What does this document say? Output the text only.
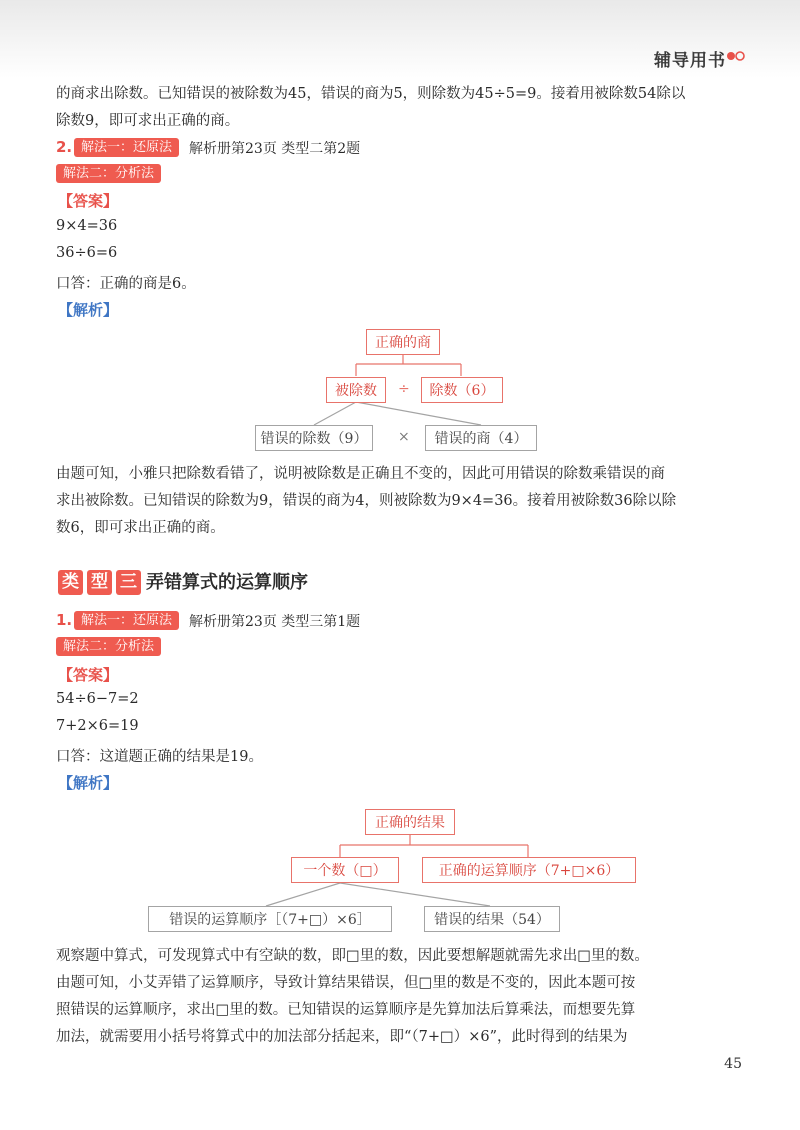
辅导用书
的商求出除数。已知错误的被除数为45，错误的商为5，则除数为45÷5=9。接着用被除数54除以
除数9，即可求出正确的商。
2. 解法一：还原法	解析册第23页 类型二第2题
解法二：分析法
【答案】
9×4=36
36÷6=6
口答：正确的商是6。
【解析】
正确的商
被除数	÷	除数（6）
错误的除数（9）	×	错误的商（4）
由题可知，小雅只把除数看错了，说明被除数是正确且不变的，因此可用错误的除数乘错误的商
求出被除数。已知错误的除数为9，错误的商为4，则被除数为9×4=36。接着用被除数36除以除
数6，即可求出正确的商。
类 型 三 弄错算式的运算顺序
1. 解法一：还原法	解析册第23页 类型三第1题
解法二：分析法
【答案】
54÷6−7=2
7+2×6=19
口答：这道题正确的结果是19。
【解析】
正确的结果
一个数（□）	正确的运算顺序（7+□×6）
错误的运算顺序［（7+□）×6］	错误的结果（54）
观察题中算式，可发现算式中有空缺的数，即□里的数，因此要想解题就需先求出□里的数。
由题可知，小艾弄错了运算顺序，导致计算结果错误，但□里的数是不变的，因此本题可按
照错误的运算顺序，求出□里的数。已知错误的运算顺序是先算加法后算乘法，而想要先算
加法，就需要用小括号将算式中的加法部分括起来，即“（7+□）×6”，此时得到的结果为
45
